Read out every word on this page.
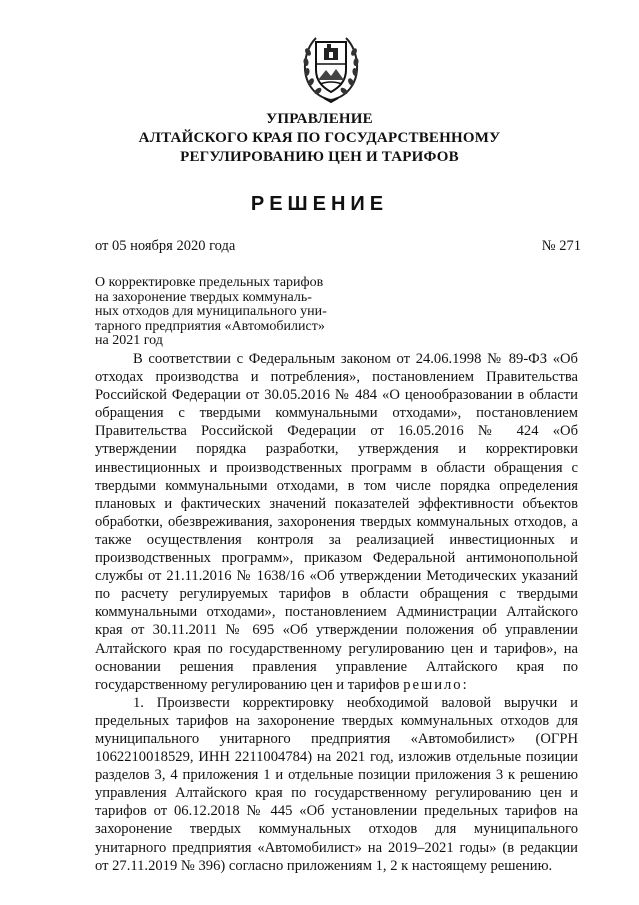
УПРАВЛЕНИЕ
АЛТАЙСКОГО КРАЯ ПО ГОСУДАРСТВЕННОМУ
РЕГУЛИРОВАНИЮ ЦЕН И ТАРИФОВ
РЕШЕНИЕ
от 05 ноября 2020 года	№ 271
О корректировке предельных тарифов
на захоронение твердых коммуналь-
ных отходов для муниципального уни-
тарного предприятия «Автомобилист»
на 2021 год

В соответствии с Федеральным законом от 24.06.1998 № 89-ФЗ «Об отходах производства и потребления», постановлением Правительства Российской Федерации от 30.05.2016 № 484 «О ценообразовании в области обращения с твердыми коммунальными отходами», постановлением Правительства Российской Федерации от 16.05.2016 № 424 «Об утверждении порядка разработки, утверждения и корректировки инвестиционных и производственных программ в области обращения с твердыми коммунальными отходами, в том числе порядка определения плановых и фактических значений показателей эффективности объектов обработки, обезвреживания, захоронения твердых коммунальных отходов, а также осуществления контроля за реализацией инвестиционных и производственных программ», приказом Федеральной антимонопольной службы от 21.11.2016 № 1638/16 «Об утверждении Методических указаний по расчету регулируемых тарифов в области обращения с твердыми коммунальными отходами», постановлением Администрации Алтайского края от 30.11.2011 № 695 «Об утверждении положения об управлении Алтайского края по государственному регулированию цен и тарифов», на основании решения правления управление Алтайского края по государственному регулированию цен и тарифов решило:

1. Произвести корректировку необходимой валовой выручки и предельных тарифов на захоронение твердых коммунальных отходов для муниципального унитарного предприятия «Автомобилист» (ОГРН 1062210018529, ИНН 2211004784) на 2021 год, изложив отдельные позиции разделов 3, 4 приложения 1 и отдельные позиции приложения 3 к решению управления Алтайского края по государственному регулированию цен и тарифов от 06.12.2018 № 445 «Об установлении предельных тарифов на захоронение твердых коммунальных отходов для муниципального унитарного предприятия «Автомобилист» на 2019–2021 годы» (в редакции от 27.11.2019 № 396) согласно приложениям 1, 2 к настоящему решению.
